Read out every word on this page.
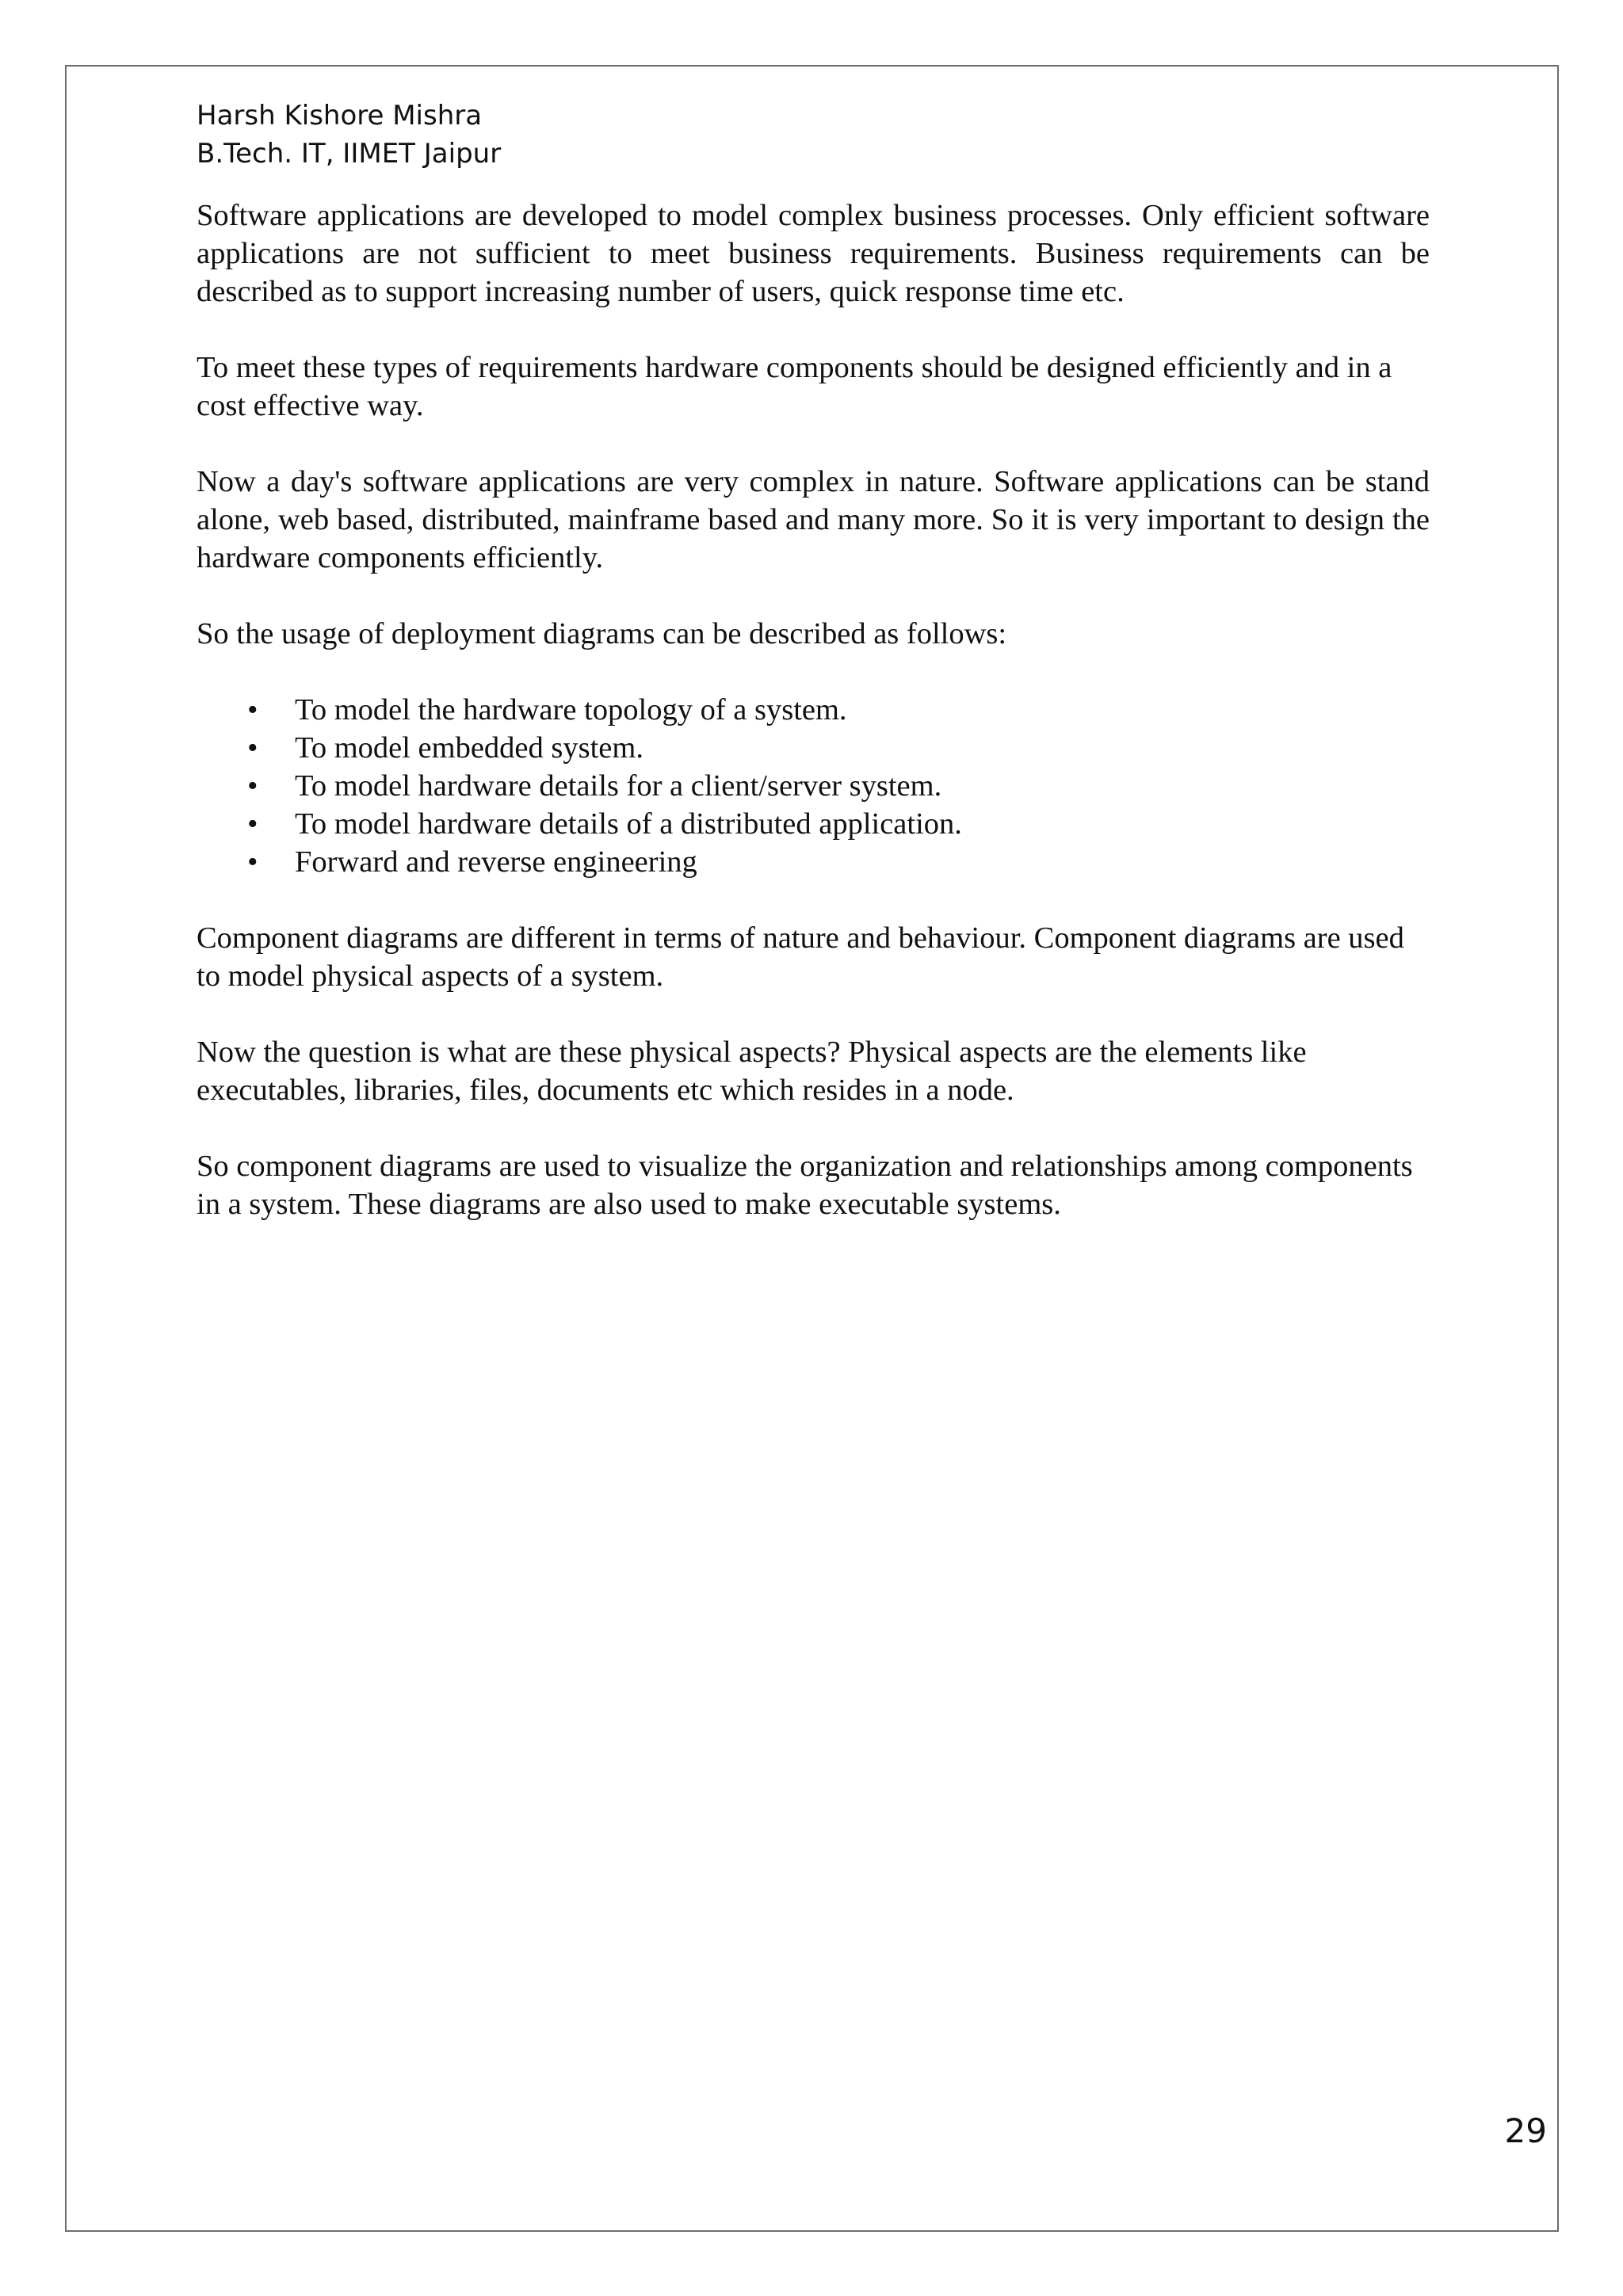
Harsh Kishore Mishra
B.Tech. IT, IIMET Jaipur

Software applications are developed to model complex business processes. Only efficient software applications are not sufficient to meet business requirements. Business requirements can be described as to support increasing number of users, quick response time etc.

To meet these types of requirements hardware components should be designed efficiently and in a cost effective way.

Now a day's software applications are very complex in nature. Software applications can be stand alone, web based, distributed, mainframe based and many more. So it is very important to design the hardware components efficiently.

So the usage of deployment diagrams can be described as follows:

• To model the hardware topology of a system.
• To model embedded system.
• To model hardware details for a client/server system.
• To model hardware details of a distributed application.
• Forward and reverse engineering

Component diagrams are different in terms of nature and behaviour. Component diagrams are used to model physical aspects of a system.

Now the question is what are these physical aspects? Physical aspects are the elements like executables, libraries, files, documents etc which resides in a node.

So component diagrams are used to visualize the organization and relationships among components in a system. These diagrams are also used to make executable systems.

29
